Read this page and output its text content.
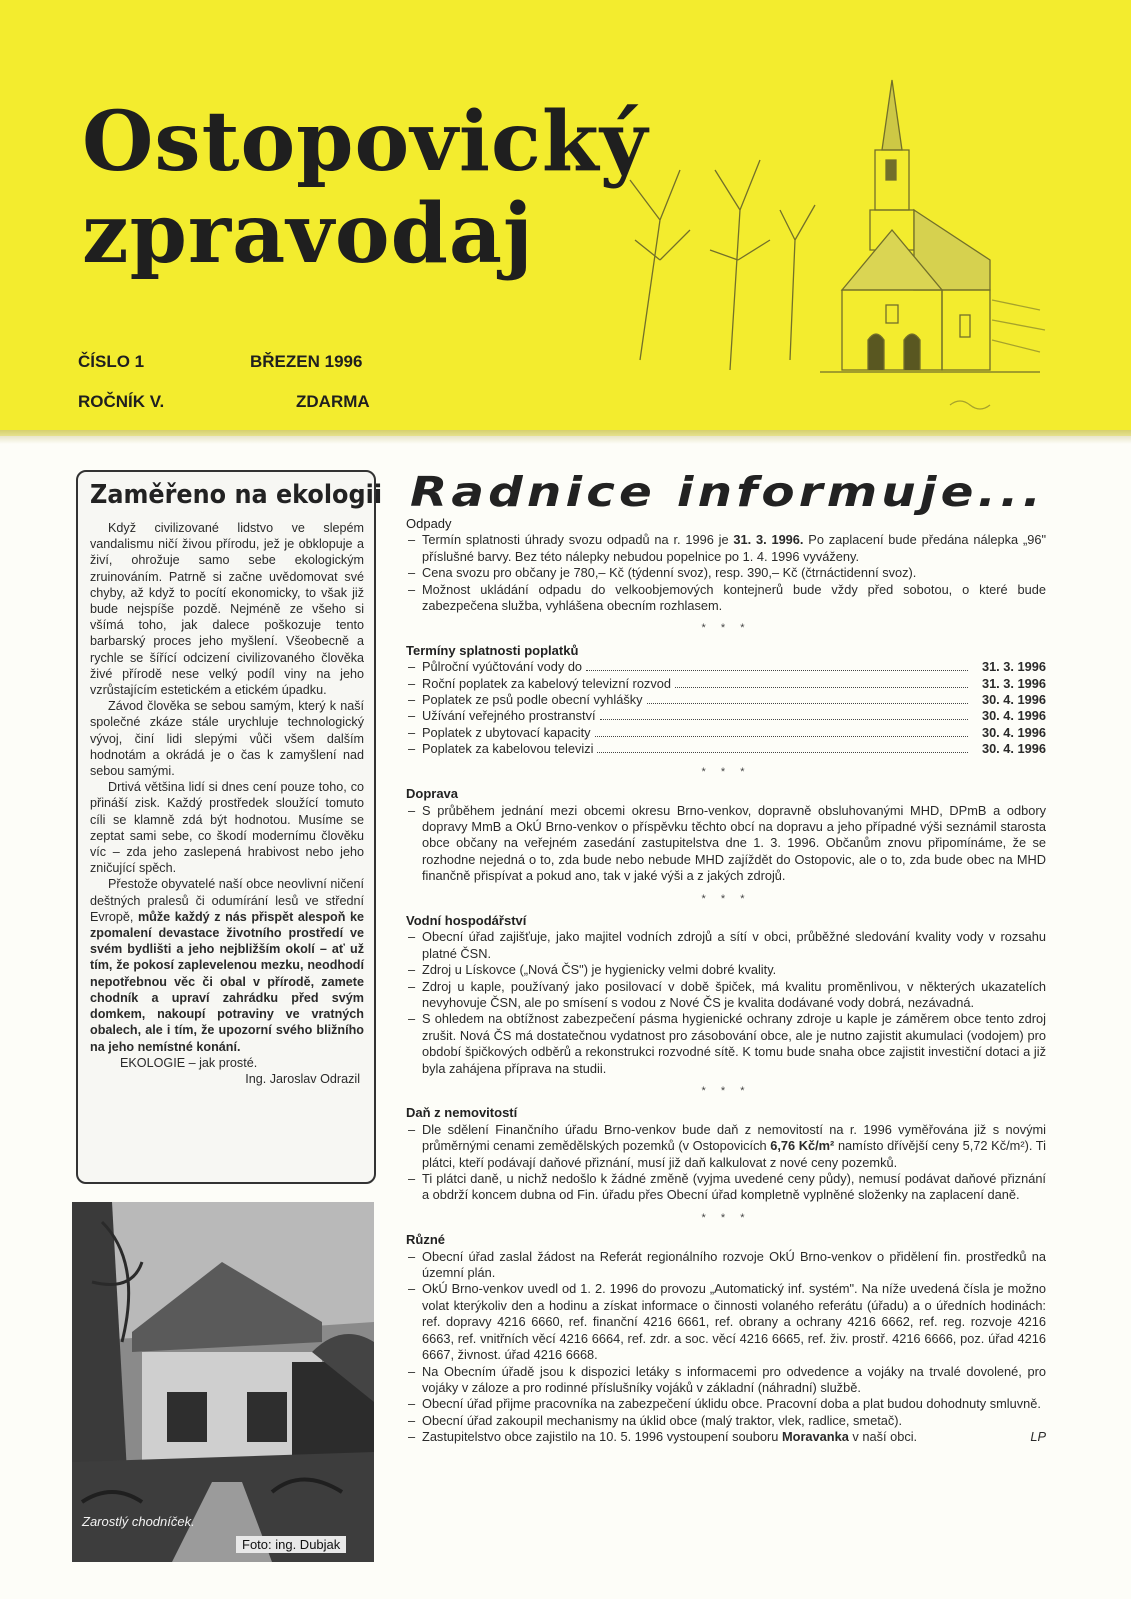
Ostopovický
zpravodaj
ČÍSLO 1	BŘEZEN 1996
ROČNÍK V.	ZDARMA
Zaměřeno na ekologii

Když civilizované lidstvo ve slepém vandalismu ničí živou přírodu, jež je obklopuje a živí, ohrožuje samo sebe ekologickým zruinováním. Patrně si začne uvědomovat své chyby, až když to pocítí ekonomicky, to však již bude nejspíše pozdě. Nejméně ze všeho si všímá toho, jak dalece poškozuje tento barbarský proces jeho myšlení. Všeobecně a rychle se šířící odcizení civilizovaného člověka živé přírodě nese velký podíl viny na jeho vzrůstajícím estetickém a etickém úpadku.

Závod člověka se sebou samým, který k naší společné zkáze stále urychluje technologický vývoj, činí lidi slepými vůči všem dalším hodnotám a okrádá je o čas k zamyšlení nad sebou samými.

Drtivá většina lidí si dnes cení pouze toho, co přináší zisk. Každý prostředek sloužící tomuto cíli se klamně zdá být hodnotou. Musíme se zeptat sami sebe, co škodí modernímu člověku víc – zda jeho zaslepená hrabivost nebo jeho zničující spěch.

Přestože obyvatelé naší obce neovlivní ničení deštných pralesů či odumírání lesů ve střední Evropě, může každý z nás přispět alespoň ke zpomalení devastace životního prostředí ve svém bydlišti a jeho nejbližším okolí – ať už tím, že pokosí zaplevelenou mezku, neodhodí nepotřebnou věc či obal v přírodě, zamete chodník a upraví zahrádku před svým domkem, nakoupí potraviny ve vratných obalech, ale i tím, že upozorní svého bližního na jeho nemístné konání.

EKOLOGIE – jak prosté.

Ing. Jaroslav Odrazil

Zarostlý chodníček.
Foto: ing. Dubjak
Radnice informuje...
Odpady
– Termín splatnosti úhrady svozu odpadů na r. 1996 je 31. 3. 1996. Po zaplacení bude předána nálepka „96" příslušné barvy. Bez této nálepky nebudou popelnice po 1. 4. 1996 vyváženy.
– Cena svozu pro občany je 780,– Kč (týdenní svoz), resp. 390,– Kč (čtrnáctidenní svoz).
– Možnost ukládání odpadu do velkoobjemových kontejnerů bude vždy před sobotou, o které bude zabezpečena služba, vyhlášena obecním rozhlasem.
* * *
Termíny splatnosti poplatků
– Půlroční vyúčtování vody do	31. 3. 1996
– Roční poplatek za kabelový televizní rozvod	31. 3. 1996
– Poplatek ze psů podle obecní vyhlášky	30. 4. 1996
– Užívání veřejného prostranství	30. 4. 1996
– Poplatek z ubytovací kapacity	30. 4. 1996
– Poplatek za kabelovou televizi	30. 4. 1996
* * *
Doprava
– S průběhem jednání mezi obcemi okresu Brno-venkov, dopravně obsluhovanými MHD, DPmB a odbory dopravy MmB a OkÚ Brno-venkov o příspěvku těchto obcí na dopravu a jeho případné výši seznámil starosta obce občany na veřejném zasedání zastupitelstva dne 1. 3. 1996. Občanům znovu připomínáme, že se rozhodne nejedná o to, zda bude nebo nebude MHD zajíždět do Ostopovic, ale o to, zda bude obec na MHD finančně přispívat a pokud ano, tak v jaké výši a z jakých zdrojů.
* * *
Vodní hospodářství
– Obecní úřad zajišťuje, jako majitel vodních zdrojů a sítí v obci, průběžné sledování kvality vody v rozsahu platné ČSN.
– Zdroj u Lískovce („Nová ČS") je hygienicky velmi dobré kvality.
– Zdroj u kaple, používaný jako posilovací v době špiček, má kvalitu proměnlivou, v některých ukazatelích nevyhovuje ČSN, ale po smísení s vodou z Nové ČS je kvalita dodávané vody dobrá, nezávadná.
– S ohledem na obtížnost zabezpečení pásma hygienické ochrany zdroje u kaple je záměrem obce tento zdroj zrušit. Nová ČS má dostatečnou vydatnost pro zásobování obce, ale je nutno zajistit akumulaci (vodojem) pro období špičkových odběrů a rekonstrukci rozvodné sítě. K tomu bude snaha obce zajistit investiční dotaci a již byla zahájena příprava na studii.
* * *
Daň z nemovitostí
– Dle sdělení Finančního úřadu Brno-venkov bude daň z nemovitostí na r. 1996 vyměřována již s novými průměrnými cenami zemědělských pozemků (v Ostopovicích 6,76 Kč/m² namísto dřívější ceny 5,72 Kč/m²). Ti plátci, kteří podávají daňové přiznání, musí již daň kalkulovat z nové ceny pozemků.
– Ti plátci daně, u nichž nedošlo k žádné změně (vyjma uvedené ceny půdy), nemusí podávat daňové přiznání a obdrží koncem dubna od Fin. úřadu přes Obecní úřad kompletně vyplněné složenky na zaplacení daně.
* * *
Různé
– Obecní úřad zaslal žádost na Referát regionálního rozvoje OkÚ Brno-venkov o přidělení fin. prostředků na územní plán.
– OkÚ Brno-venkov uvedl od 1. 2. 1996 do provozu „Automatický inf. systém". Na níže uvedená čísla je možno volat kterýkoliv den a hodinu a získat informace o činnosti volaného referátu (úřadu) a o úředních hodinách: ref. dopravy 4216 6660, ref. finanční 4216 6661, ref. obrany a ochrany 4216 6662, ref. reg. rozvoje 4216 6663, ref. vnitřních věcí 4216 6664, ref. zdr. a soc. věcí 4216 6665, ref. živ. prostř. 4216 6666, poz. úřad 4216 6667, živnost. úřad 4216 6668.
– Na Obecním úřadě jsou k dispozici letáky s informacemi pro odvedence a vojáky na trvalé dovolené, pro vojáky v záloze a pro rodinné příslušníky vojáků v základní (náhradní) službě.
– Obecní úřad přijme pracovníka na zabezpečení úklidu obce. Pracovní doba a plat budou dohodnuty smluvně.
– Obecní úřad zakoupil mechanismy na úklid obce (malý traktor, vlek, radlice, smetač).
– Zastupitelstvo obce zajistilo na 10. 5. 1996 vystoupení souboru Moravanka v naší obci.	LP
